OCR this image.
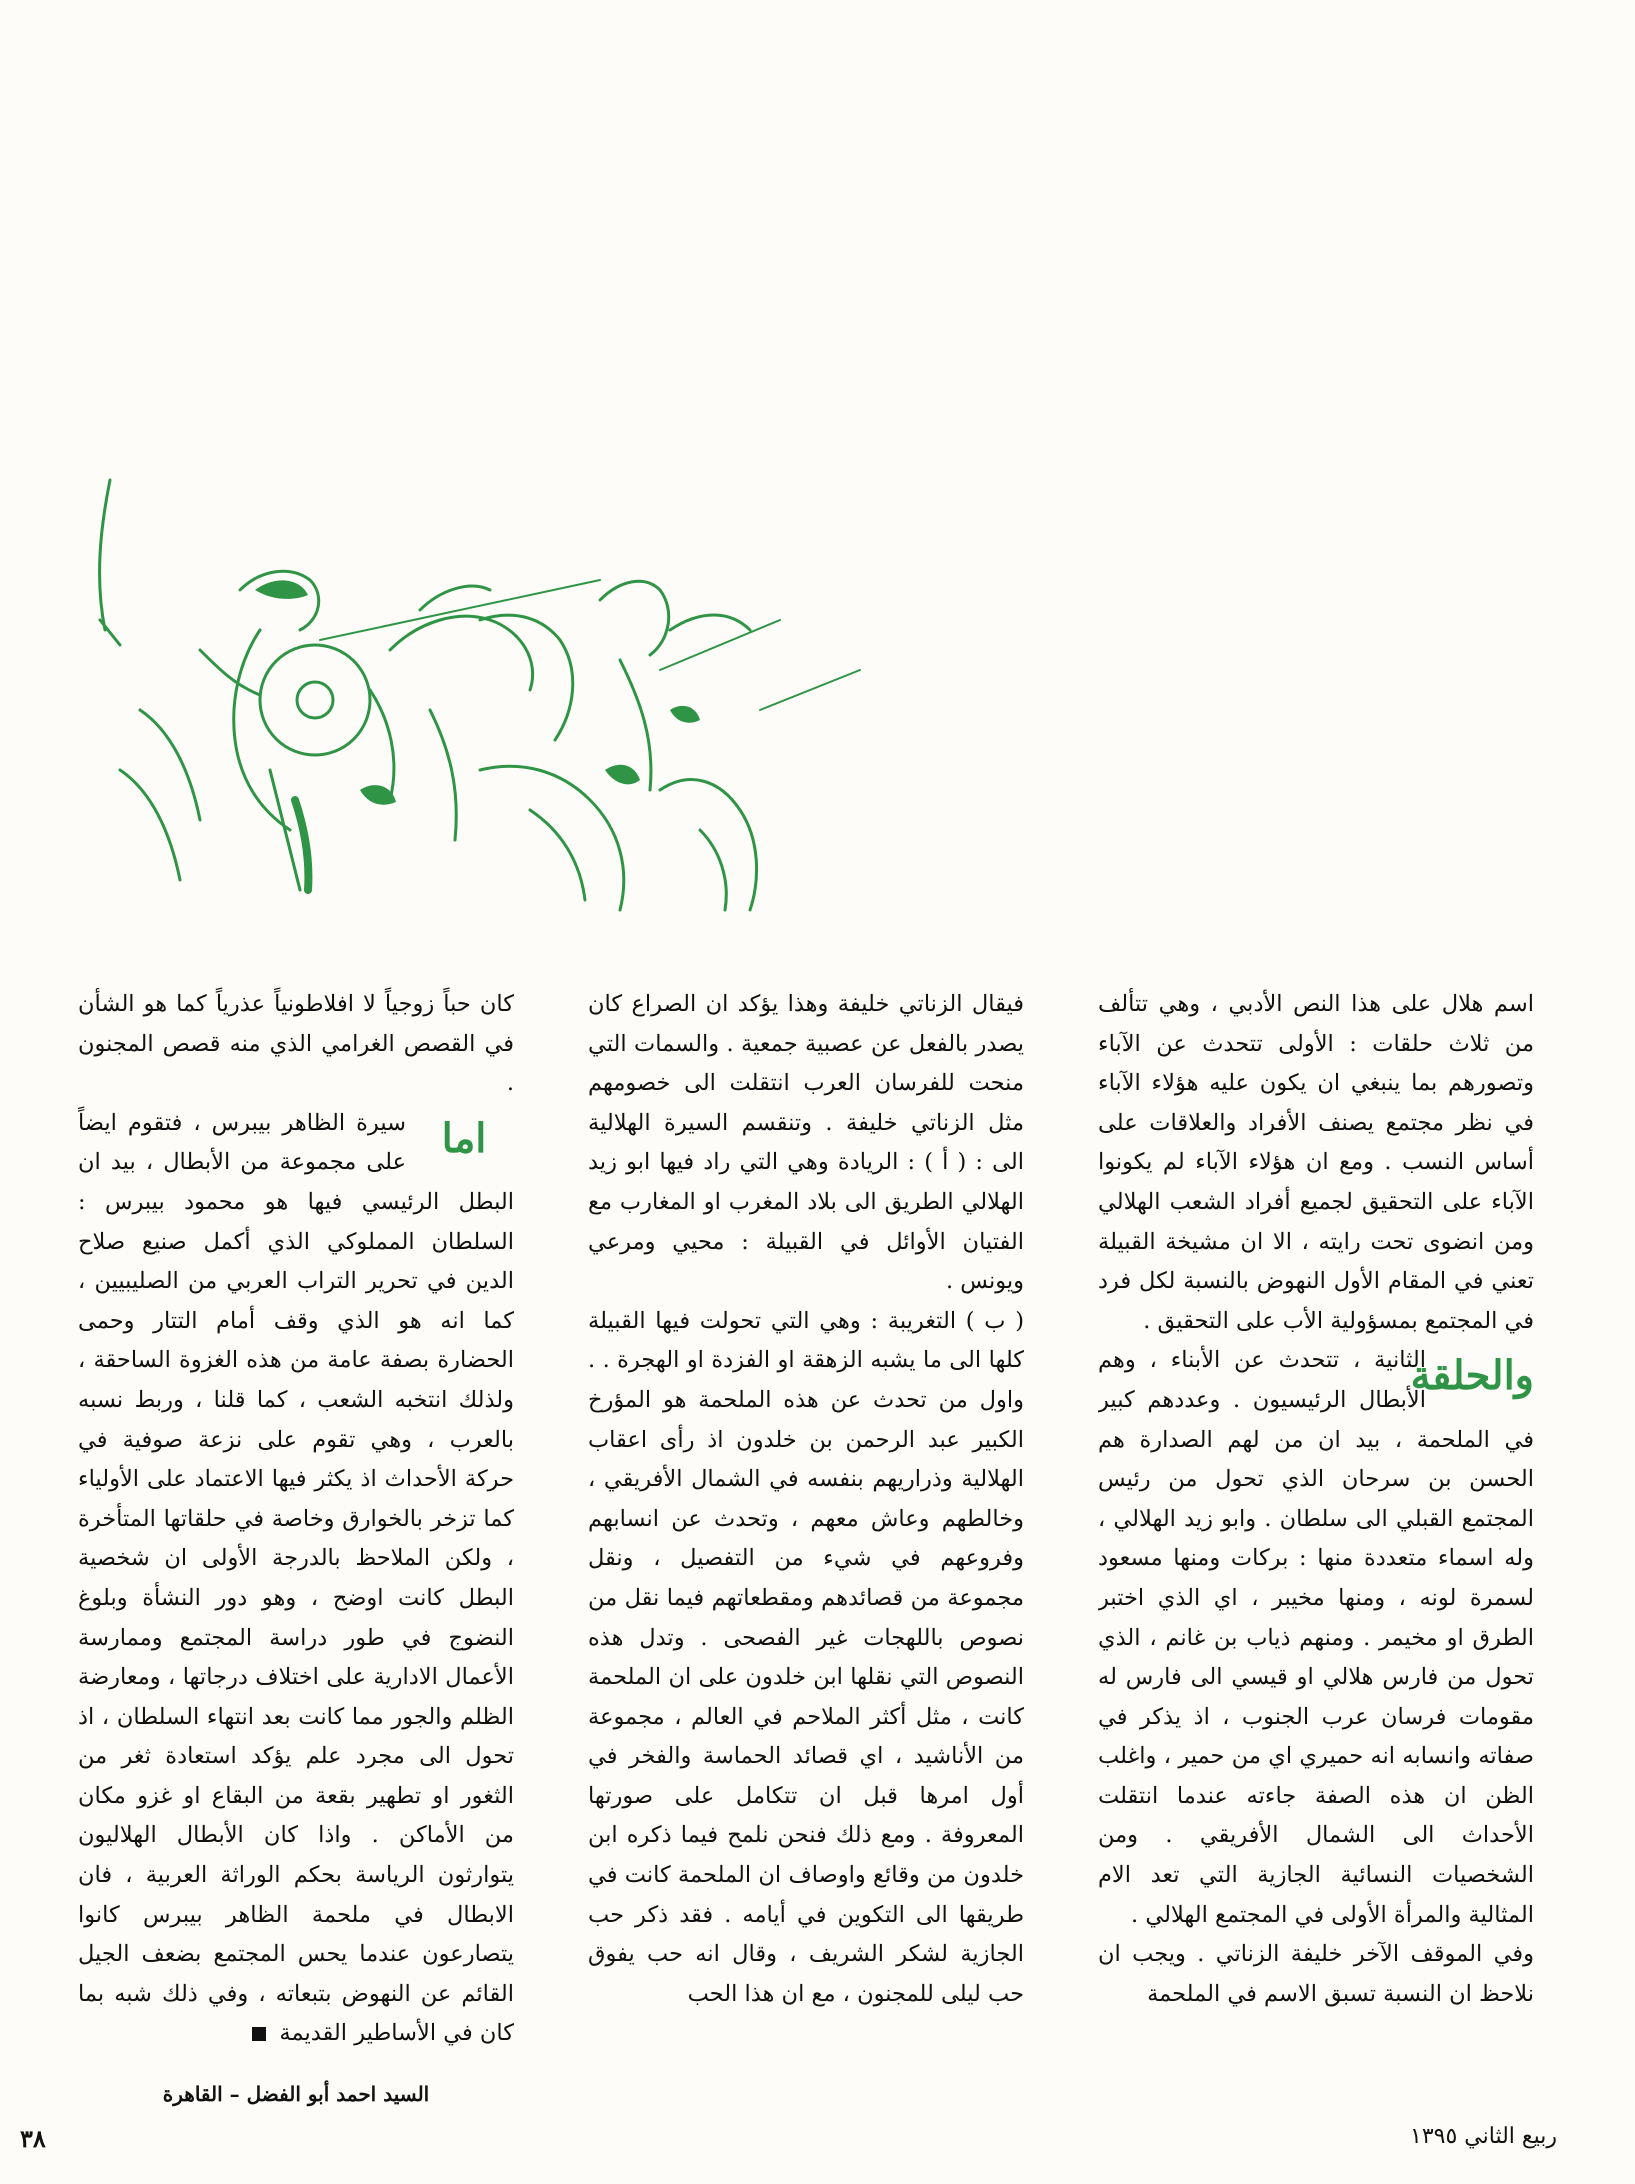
اسم هلال على هذا النص الأدبي ، وهي تتألف من ثلاث حلقات : الأولى تتحدث عن الآباء وتصورهم بما ينبغي ان يكون عليه هؤلاء الآباء في نظر مجتمع يصنف الأفراد والعلاقات على أساس النسب . ومع ان هؤلاء الآباء لم يكونوا الآباء على التحقيق لجميع أفراد الشعب الهلالي ومن انضوى تحت رايته ، الا ان مشيخة القبيلة تعني في المقام الأول النهوض بالنسبة لكل فرد في المجتمع بمسؤولية الأب على التحقيق .

والحلقة
الثانية ، تتحدث عن الأبناء ، وهم الأبطال الرئيسيون . وعددهم كبير في الملحمة ، بيد ان من لهم الصدارة هم الحسن بن سرحان الذي تحول من رئيس المجتمع القبلي الى سلطان . وابو زيد الهلالي ، وله اسماء متعددة منها : بركات ومنها مسعود لسمرة لونه ، ومنها مخيبر ، اي الذي اختبر الطرق او مخيمر . ومنهم ذياب بن غانم ، الذي تحول من فارس هلالي او قيسي الى فارس له مقومات فرسان عرب الجنوب ، اذ يذكر في صفاته وانسابه انه حميري اي من حمير ، واغلب الظن ان هذه الصفة جاءته عندما انتقلت الأحداث الى الشمال الأفريقي . ومن الشخصيات النسائية الجازية التي تعد الام المثالية والمرأة الأولى في المجتمع الهلالي .

وفي الموقف الآخر خليفة الزناتي . ويجب ان نلاحظ ان النسبة تسبق الاسم في الملحمة

فيقال الزناتي خليفة وهذا يؤكد ان الصراع كان يصدر بالفعل عن عصبية جمعية . والسمات التي منحت للفرسان العرب انتقلت الى خصومهم مثل الزناتي خليفة . وتنقسم السيرة الهلالية الى : ( أ ) : الريادة وهي التي راد فيها ابو زيد الهلالي الطريق الى بلاد المغرب او المغارب مع الفتيان الأوائل في القبيلة : محيي ومرعي ويونس .

( ب ) التغريبة : وهي التي تحولت فيها القبيلة كلها الى ما يشبه الزهقة او الفزدة او الهجرة . . واول من تحدث عن هذه الملحمة هو المؤرخ الكبير عبد الرحمن بن خلدون اذ رأى اعقاب الهلالية وذراريهم بنفسه في الشمال الأفريقي ، وخالطهم وعاش معهم ، وتحدث عن انسابهم وفروعهم في شيء من التفصيل ، ونقل مجموعة من قصائدهم ومقطعاتهم فيما نقل من نصوص باللهجات غير الفصحى . وتدل هذه النصوص التي نقلها ابن خلدون على ان الملحمة كانت ، مثل أكثر الملاحم في العالم ، مجموعة من الأناشيد ، اي قصائد الحماسة والفخر في أول امرها قبل ان تتكامل على صورتها المعروفة . ومع ذلك فنحن نلمح فيما ذكره ابن خلدون من وقائع واوصاف ان الملحمة كانت في طريقها الى التكوين في أيامه . فقد ذكر حب الجازية لشكر الشريف ، وقال انه حب يفوق حب ليلى للمجنون ، مع ان هذا الحب

كان حباً زوجياً لا افلاطونياً عذرياً كما هو الشأن في القصص الغرامي الذي منه قصص المجنون .

اما
سيرة الظاهر بيبرس ، فتقوم ايضاً على مجموعة من الأبطال ، بيد ان البطل الرئيسي فيها هو محمود بيبرس : السلطان المملوكي الذي أكمل صنيع صلاح الدين في تحرير التراب العربي من الصليبيين ، كما انه هو الذي وقف أمام التتار وحمى الحضارة بصفة عامة من هذه الغزوة الساحقة ، ولذلك انتخبه الشعب ، كما قلنا ، وربط نسبه بالعرب ، وهي تقوم على نزعة صوفية في حركة الأحداث اذ يكثر فيها الاعتماد على الأولياء كما تزخر بالخوارق وخاصة في حلقاتها المتأخرة ، ولكن الملاحظ بالدرجة الأولى ان شخصية البطل كانت اوضح ، وهو دور النشأة وبلوغ النضوج في طور دراسة المجتمع وممارسة الأعمال الادارية على اختلاف درجاتها ، ومعارضة الظلم والجور مما كانت بعد انتهاء السلطان ، اذ تحول الى مجرد علم يؤكد استعادة ثغر من الثغور او تطهير بقعة من البقاع او غزو مكان من الأماكن . واذا كان الأبطال الهلاليون يتوارثون الرياسة بحكم الوراثة العربية ، فان الابطال في ملحمة الظاهر بيبرس كانوا يتصارعون عندما يحس المجتمع بضعف الجيل القائم عن النهوض بتبعاته ، وفي ذلك شبه بما كان في الأساطير القديمة

السيد احمد أبو الفضل – القاهرة
ربيع الثاني ١٣٩٥
٣٨
